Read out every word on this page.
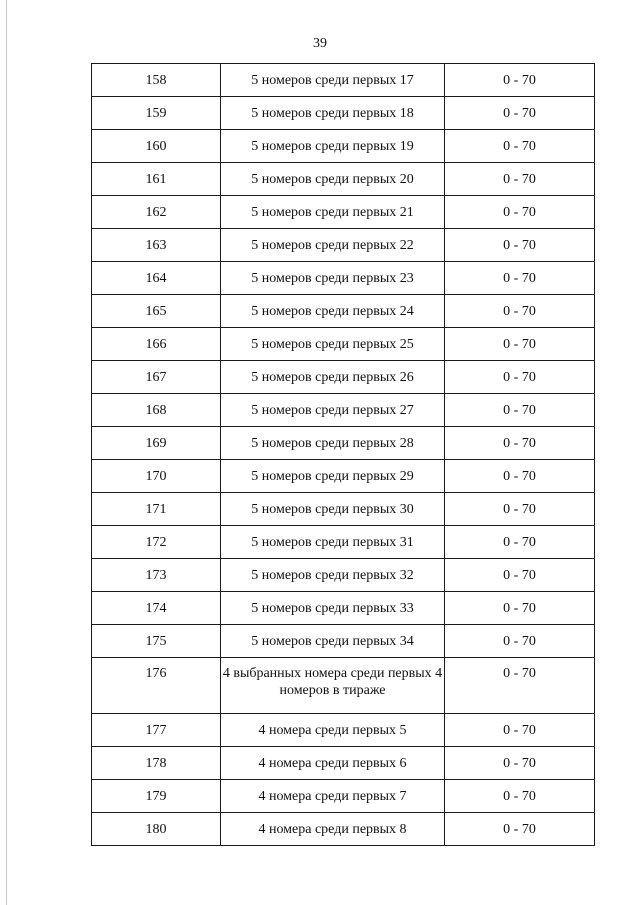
39
158	5 номеров среди первых 17	0 - 70
159	5 номеров среди первых 18	0 - 70
160	5 номеров среди первых 19	0 - 70
161	5 номеров среди первых 20	0 - 70
162	5 номеров среди первых 21	0 - 70
163	5 номеров среди первых 22	0 - 70
164	5 номеров среди первых 23	0 - 70
165	5 номеров среди первых 24	0 - 70
166	5 номеров среди первых 25	0 - 70
167	5 номеров среди первых 26	0 - 70
168	5 номеров среди первых 27	0 - 70
169	5 номеров среди первых 28	0 - 70
170	5 номеров среди первых 29	0 - 70
171	5 номеров среди первых 30	0 - 70
172	5 номеров среди первых 31	0 - 70
173	5 номеров среди первых 32	0 - 70
174	5 номеров среди первых 33	0 - 70
175	5 номеров среди первых 34	0 - 70
176	4 выбранных номера среди первых 4 номеров в тираже	0 - 70
177	4 номера среди первых 5	0 - 70
178	4 номера среди первых 6	0 - 70
179	4 номера среди первых 7	0 - 70
180	4 номера среди первых 8	0 - 70
